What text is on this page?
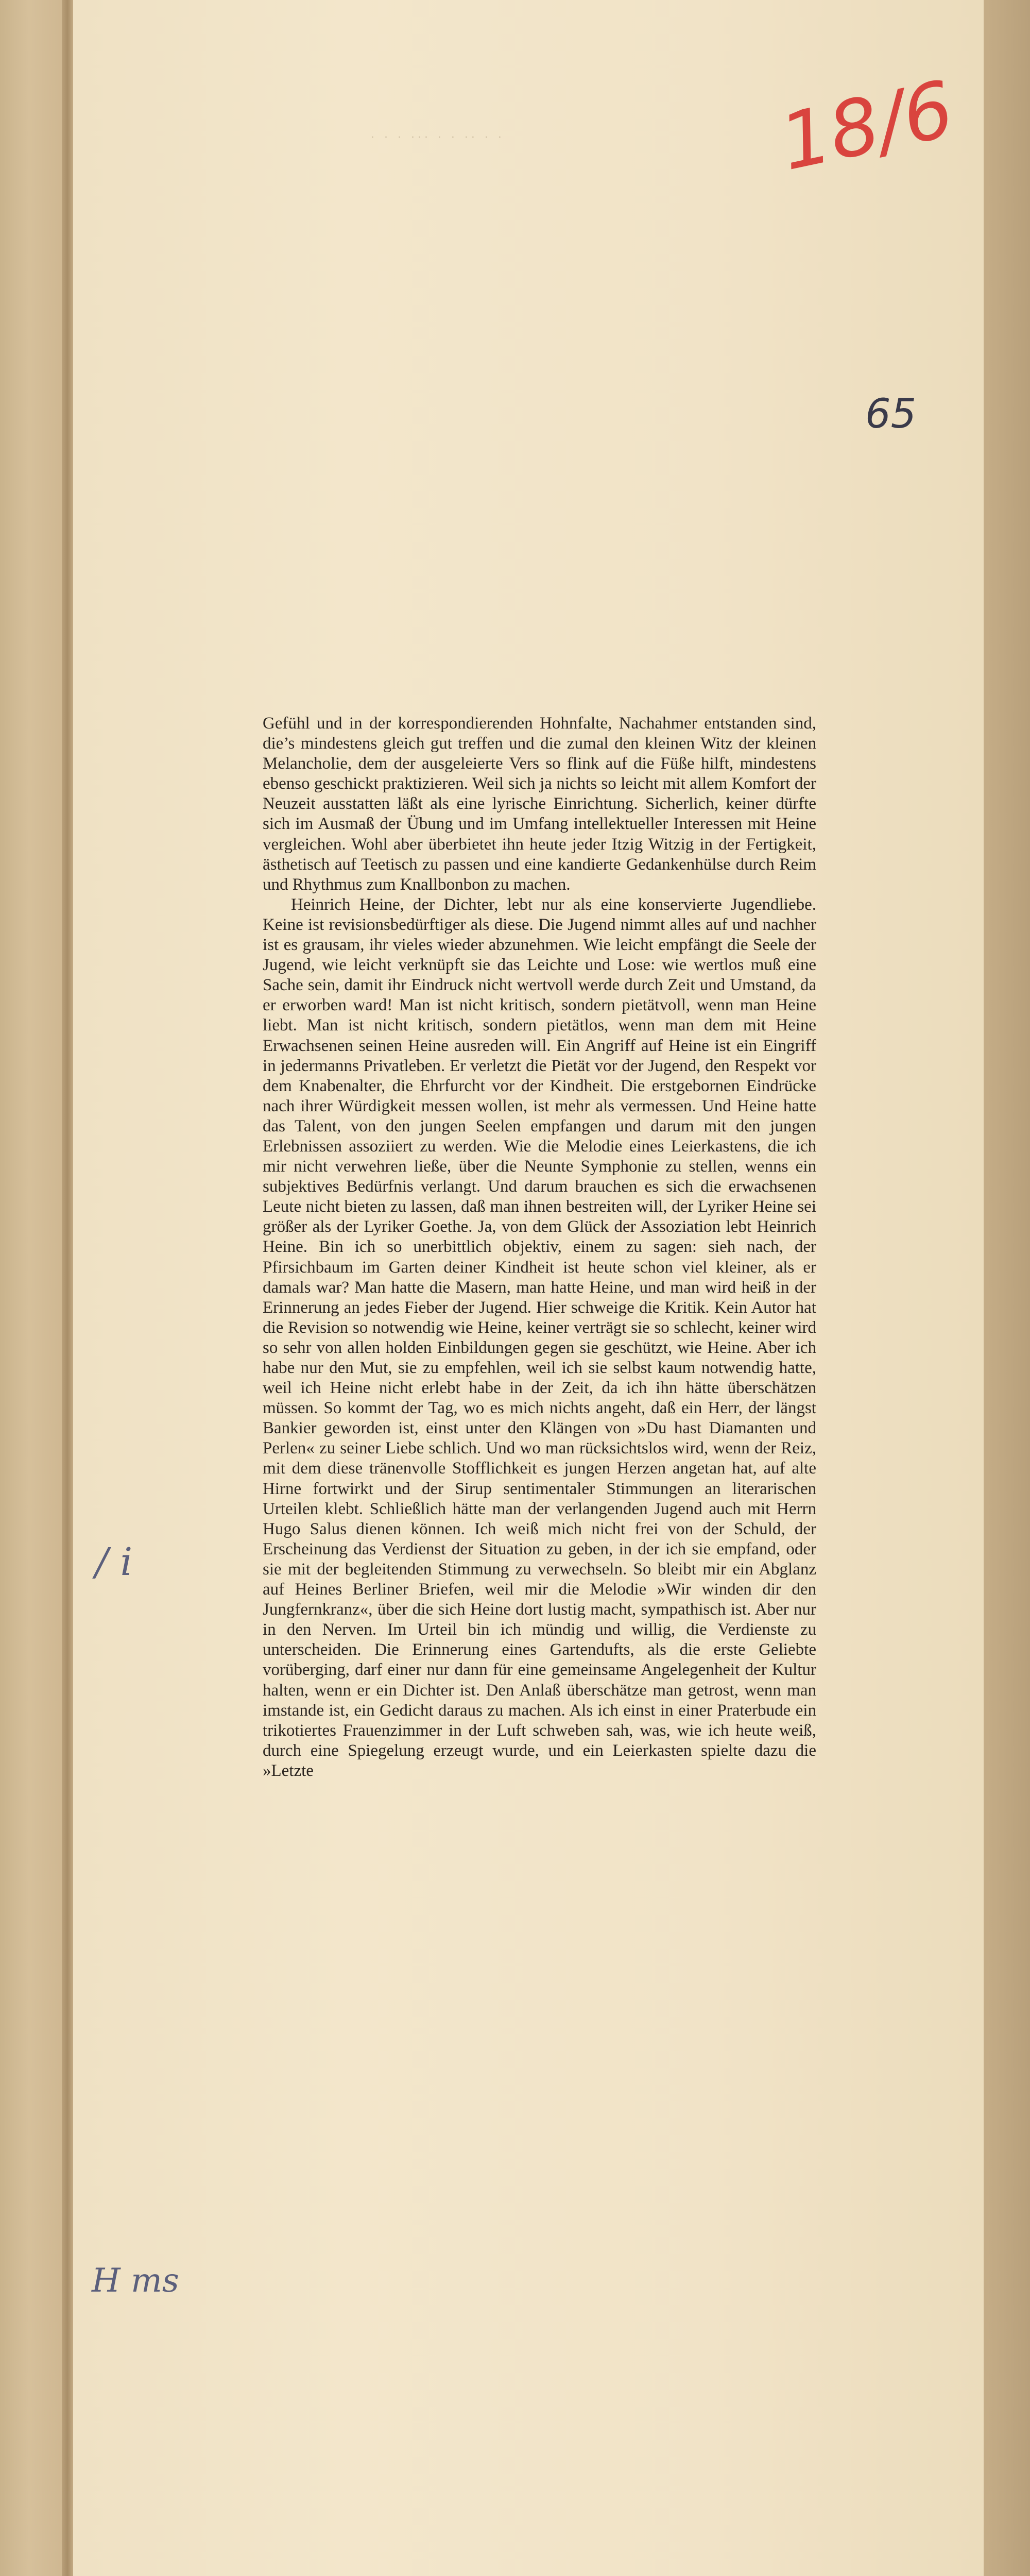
· · · ··· · · ·· · ·	18/6
65
/ i
H ms

Gefühl und in der korrespondierenden Hohnfalte, Nachahmer entstanden sind, die’s mindestens gleich gut treffen und die zumal den kleinen Witz der kleinen Melancholie, dem der ausgeleierte Vers so flink auf die Füße hilft, mindestens ebenso geschickt praktizieren. Weil sich ja nichts so leicht mit allem Komfort der Neuzeit ausstatten läßt als eine lyrische Einrichtung. Sicherlich, keiner dürfte sich im Ausmaß der Übung und im Umfang intellektueller Interessen mit Heine vergleichen. Wohl aber überbietet ihn heute jeder Itzig Witzig in der Fertigkeit, ästhetisch auf Teetisch zu passen und eine kandierte Gedankenhülse durch Reim und Rhythmus zum Knallbonbon zu machen.

Heinrich Heine, der Dichter, lebt nur als eine konservierte Jugendliebe. Keine ist revisionsbedürftiger als diese. Die Jugend nimmt alles auf und nachher ist es grausam, ihr vieles wieder abzunehmen. Wie leicht empfängt die Seele der Jugend, wie leicht verknüpft sie das Leichte und Lose: wie wertlos muß eine Sache sein, damit ihr Eindruck nicht wertvoll werde durch Zeit und Umstand, da er erworben ward! Man ist nicht kritisch, sondern pietätvoll, wenn man Heine liebt. Man ist nicht kritisch, sondern pietätlos, wenn man dem mit Heine Erwachsenen seinen Heine ausreden will. Ein Angriff auf Heine ist ein Eingriff in jedermanns Privatleben. Er verletzt die Pietät vor der Jugend, den Respekt vor dem Knabenalter, die Ehrfurcht vor der Kindheit. Die erstgebornen Eindrücke nach ihrer Würdigkeit messen wollen, ist mehr als vermessen. Und Heine hatte das Talent, von den jungen Seelen empfangen und darum mit den jungen Erlebnissen assoziiert zu werden. Wie die Melodie eines Leierkastens, die ich mir nicht verwehren ließe, über die Neunte Symphonie zu stellen, wenns ein subjektives Bedürfnis verlangt. Und darum brauchen es sich die erwachsenen Leute nicht bieten zu lassen, daß man ihnen bestreiten will, der Lyriker Heine sei größer als der Lyriker Goethe. Ja, von dem Glück der Assoziation lebt Heinrich Heine. Bin ich so unerbittlich objektiv, einem zu sagen: sieh nach, der Pfirsichbaum im Garten deiner Kindheit ist heute schon viel kleiner, als er damals war? Man hatte die Masern, man hatte Heine, und man wird heiß in der Erinnerung an jedes Fieber der Jugend. Hier schweige die Kritik. Kein Autor hat die Revision so notwendig wie Heine, keiner verträgt sie so schlecht, keiner wird so sehr von allen holden Einbildungen gegen sie geschützt, wie Heine. Aber ich habe nur den Mut, sie zu empfehlen, weil ich sie selbst kaum notwendig hatte, weil ich Heine nicht erlebt habe in der Zeit, da ich ihn hätte überschätzen müssen. So kommt der Tag, wo es mich nichts angeht, daß ein Herr, der längst Bankier geworden ist, einst unter den Klängen von »Du hast Diamanten und Perlen« zu seiner Liebe schlich. Und wo man rücksichtslos wird, wenn der Reiz, mit dem diese tränenvolle Stofflichkeit es jungen Herzen angetan hat, auf alte Hirne fortwirkt und der Sirup sentimentaler Stimmungen an literarischen Urteilen klebt. Schließlich hätte man der verlangenden Jugend auch mit Herrn Hugo Salus dienen können. Ich weiß mich nicht frei von der Schuld, der Erscheinung das Verdienst der Situation zu geben, in der ich sie empfand, oder sie mit der begleitenden Stimmung zu verwechseln. So bleibt mir ein Abglanz auf Heines Berliner Briefen, weil mir die Melodie »Wir winden dir den Jungfernkranz«, über die sich Heine dort lustig macht, sympathisch ist. Aber nur in den Nerven. Im Urteil bin ich mündig und willig, die Verdienste zu unterscheiden. Die Erinnerung eines Gartendufts, als die erste Geliebte vorüberging, darf einer nur dann für eine gemeinsame Angelegenheit der Kultur halten, wenn er ein Dichter ist. Den Anlaß überschätze man getrost, wenn man imstande ist, ein Gedicht daraus zu machen. Als ich einst in einer Praterbude ein trikotiertes Frauenzimmer in der Luft schweben sah, was, wie ich heute weiß, durch eine Spiegelung erzeugt wurde, und ein Leierkasten spielte dazu die »Letzte
